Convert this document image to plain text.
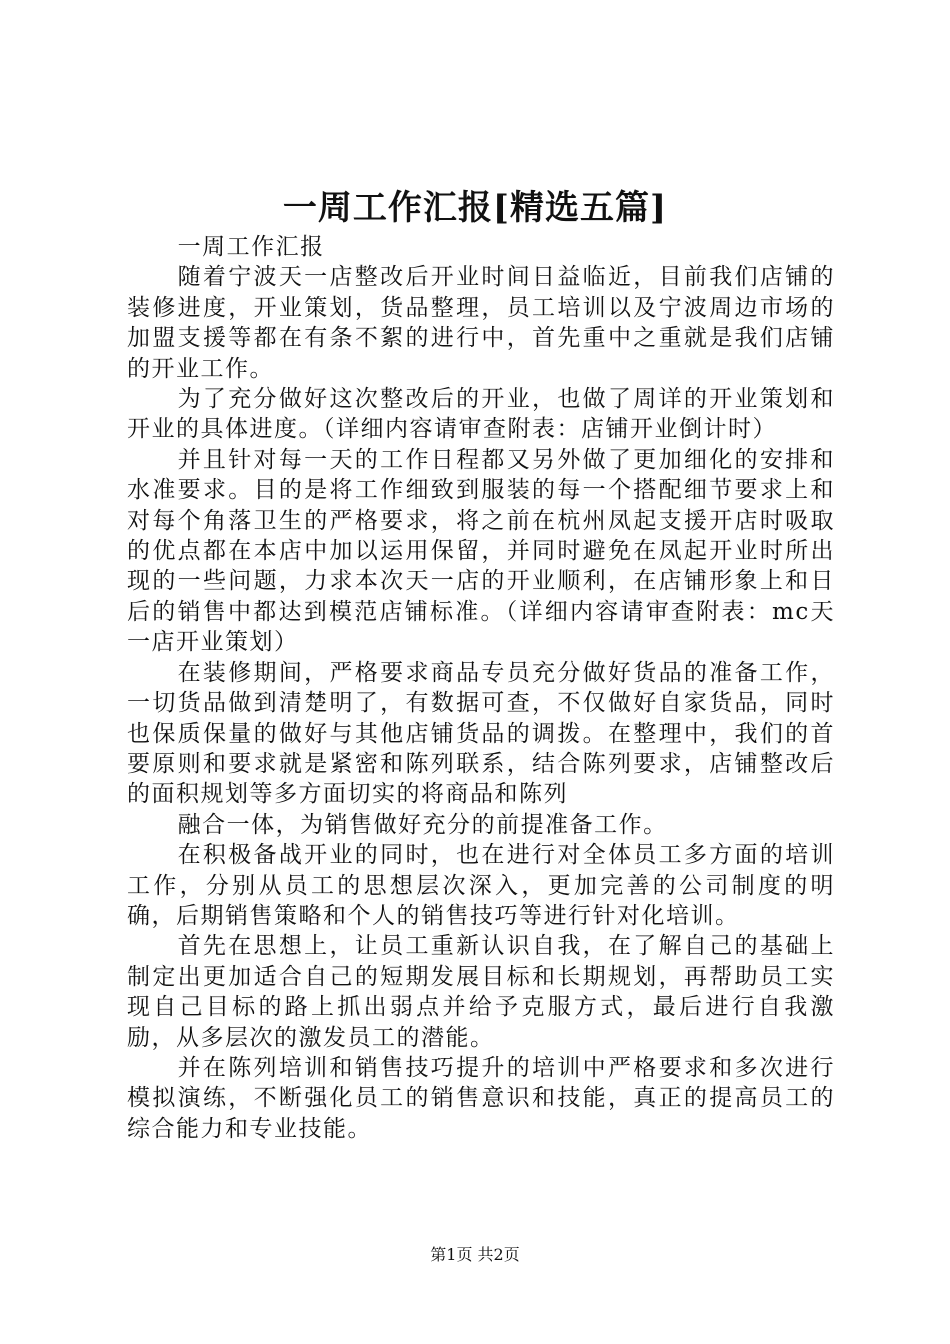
一周工作汇报[精选五篇]

一周工作汇报

随着宁波天一店整改后开业时间日益临近，目前我们店铺的装修进度，开业策划，货品整理，员工培训以及宁波周边市场的加盟支援等都在有条不絮的进行中，首先重中之重就是我们店铺的开业工作。

为了充分做好这次整改后的开业，也做了周详的开业策划和开业的具体进度。（详细内容请审查附表：店铺开业倒计时）

并且针对每一天的工作日程都又另外做了更加细化的安排和水准要求。目的是将工作细致到服装的每一个搭配细节要求上和对每个角落卫生的严格要求，将之前在杭州凤起支援开店时吸取的优点都在本店中加以运用保留，并同时避免在凤起开业时所出现的一些问题，力求本次天一店的开业顺利，在店铺形象上和日后的销售中都达到模范店铺标准。（详细内容请审查附表：mc天一店开业策划）

在装修期间，严格要求商品专员充分做好货品的准备工作，一切货品做到清楚明了，有数据可查，不仅做好自家货品，同时也保质保量的做好与其他店铺货品的调拨。在整理中，我们的首要原则和要求就是紧密和陈列联系，结合陈列要求，店铺整改后的面积规划等多方面切实的将商品和陈列

融合一体，为销售做好充分的前提准备工作。

在积极备战开业的同时，也在进行对全体员工多方面的培训工作，分别从员工的思想层次深入，更加完善的公司制度的明确，后期销售策略和个人的销售技巧等进行针对化培训。

首先在思想上，让员工重新认识自我，在了解自己的基础上制定出更加适合自己的短期发展目标和长期规划，再帮助员工实现自己目标的路上抓出弱点并给予克服方式，最后进行自我激励，从多层次的激发员工的潜能。

并在陈列培训和销售技巧提升的培训中严格要求和多次进行模拟演练，不断强化员工的销售意识和技能，真正的提高员工的综合能力和专业技能。

第1页 共2页
